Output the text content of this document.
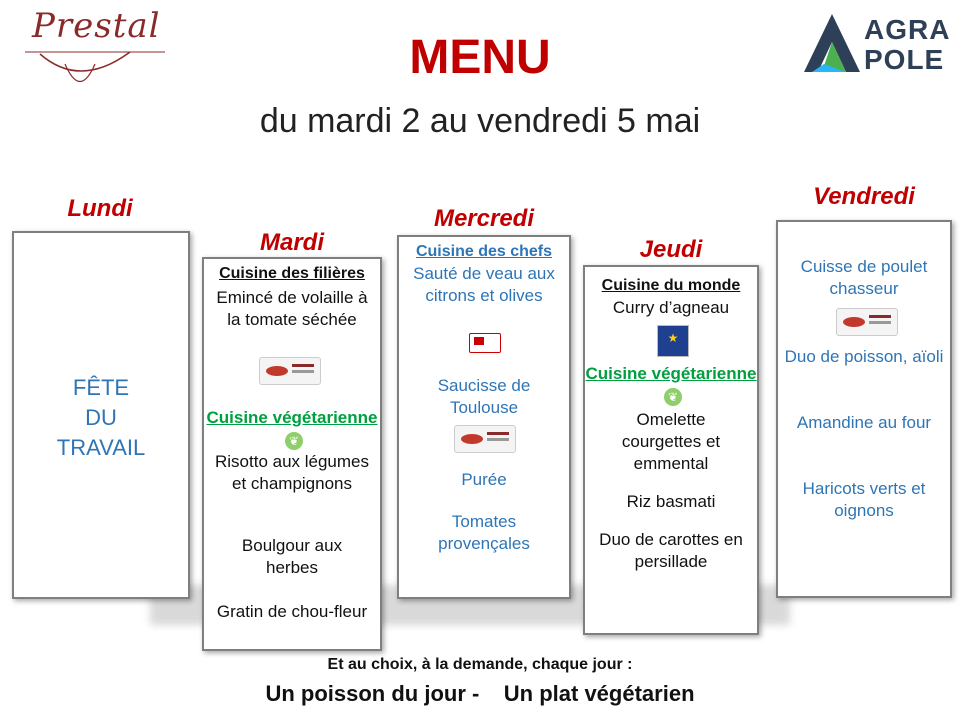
Prestal	AGRA
POLE
MENU
du mardi 2 au vendredi 5 mai
Lundi
FÊTE
DU
TRAVAIL
Mardi
Cuisine des filières
Emincé de volaille à la tomate séchée
Cuisine végétarienne ❦
Risotto aux légumes et champignons
Boulgour aux herbes
Gratin de chou-fleur
Mercredi
Cuisine des chefs
Sauté de veau aux citrons et olives
Saucisse de Toulouse
Purée
Tomates provençales
Jeudi
Cuisine du monde
Curry d’agneau
★
Cuisine végétarienne ❦
Omelette courgettes et emmental
Riz basmati
Duo de carottes en persillade
Vendredi
Cuisse de poulet chasseur
Duo de poisson, aïoli
Amandine au four
Haricots verts et oignons
Et au choix, à la demande, chaque jour :
Un poisson du jour -    Un plat végétarien
